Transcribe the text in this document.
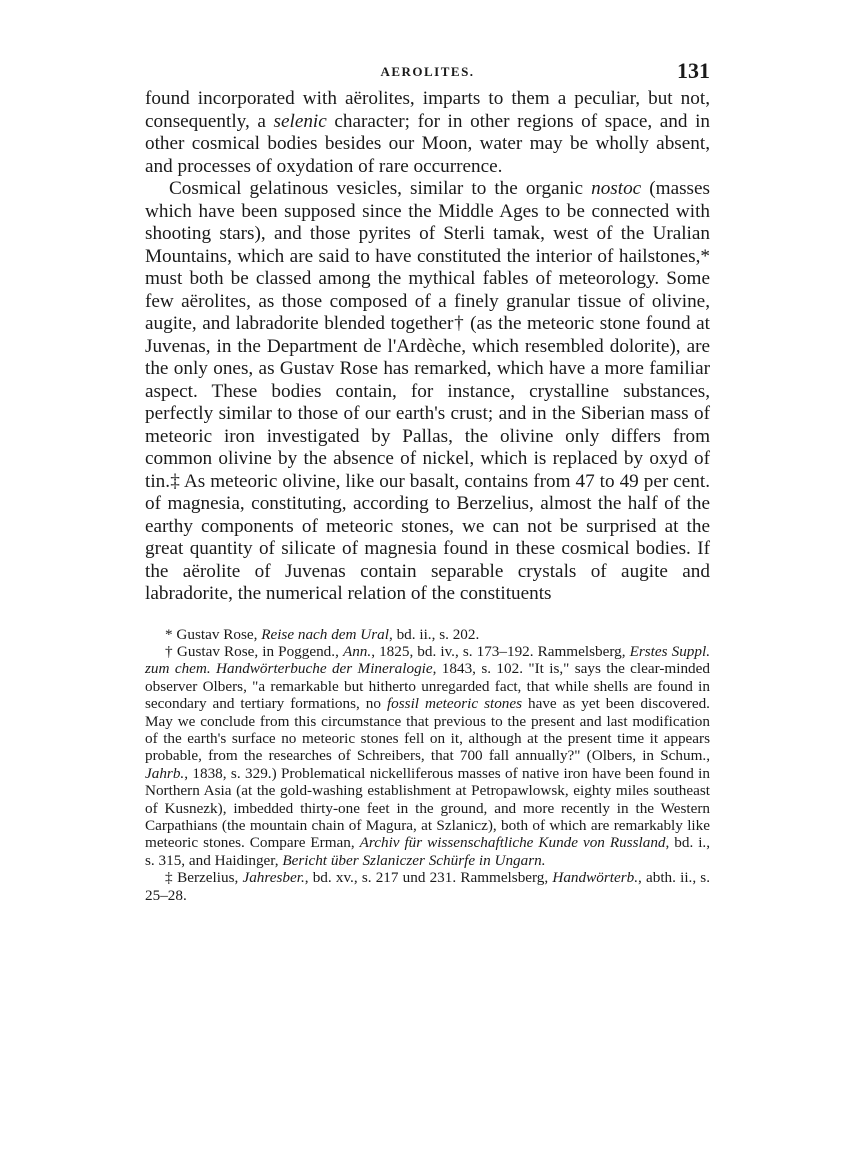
AEROLITES.	131

found incorporated with aërolites, imparts to them a peculiar, but not, consequently, a selenic character; for in other regions of space, and in other cosmical bodies besides our Moon, water may be wholly absent, and processes of oxydation of rare occurrence.

Cosmical gelatinous vesicles, similar to the organic nostoc (masses which have been supposed since the Middle Ages to be connected with shooting stars), and those pyrites of Sterli tamak, west of the Uralian Mountains, which are said to have constituted the interior of hailstones,* must both be classed among the mythical fables of meteorology. Some few aërolites, as those composed of a finely granular tissue of olivine, augite, and labradorite blended together† (as the meteoric stone found at Juvenas, in the Department de l'Ardèche, which resembled dolorite), are the only ones, as Gustav Rose has remarked, which have a more familiar aspect. These bodies contain, for instance, crystalline substances, perfectly similar to those of our earth's crust; and in the Siberian mass of meteoric iron investigated by Pallas, the olivine only differs from common olivine by the absence of nickel, which is replaced by oxyd of tin.‡ As meteoric olivine, like our basalt, contains from 47 to 49 per cent. of magnesia, constituting, according to Berzelius, almost the half of the earthy components of meteoric stones, we can not be surprised at the great quantity of silicate of magnesia found in these cosmical bodies. If the aërolite of Juvenas contain separable crystals of augite and labradorite, the numerical relation of the constituents

* Gustav Rose, Reise nach dem Ural, bd. ii., s. 202.

† Gustav Rose, in Poggend., Ann., 1825, bd. iv., s. 173–192. Rammelsberg, Erstes Suppl. zum chem. Handwörterbuche der Mineralogie, 1843, s. 102. "It is," says the clear-minded observer Olbers, "a remarkable but hitherto unregarded fact, that while shells are found in secondary and tertiary formations, no fossil meteoric stones have as yet been discovered. May we conclude from this circumstance that previous to the present and last modification of the earth's surface no meteoric stones fell on it, although at the present time it appears probable, from the researches of Schreibers, that 700 fall annually?" (Olbers, in Schum., Jahrb., 1838, s. 329.) Problematical nickelliferous masses of native iron have been found in Northern Asia (at the gold-washing establishment at Petropawlowsk, eighty miles southeast of Kusnezk), imbedded thirty-one feet in the ground, and more recently in the Western Carpathians (the mountain chain of Magura, at Szlanicz), both of which are remarkably like meteoric stones. Compare Erman, Archiv für wissenschaftliche Kunde von Russland, bd. i., s. 315, and Haidinger, Bericht über Szlaniczer Schürfe in Ungarn.

‡ Berzelius, Jahresber., bd. xv., s. 217 und 231. Rammelsberg, Handwörterb., abth. ii., s. 25–28.
